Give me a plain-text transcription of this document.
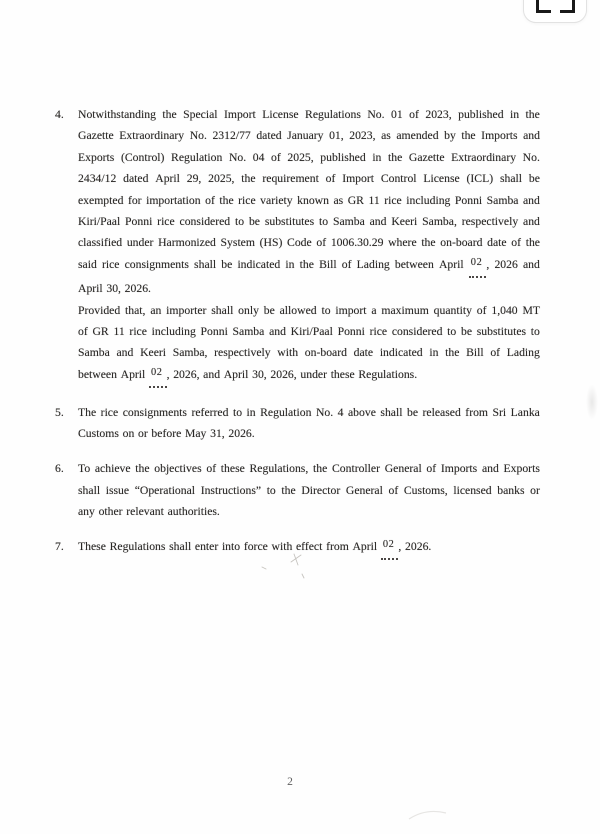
4.	Notwithstanding the Special Import License Regulations No. 01 of 2023, published in the
Gazette Extraordinary No. 2312/77 dated January 01, 2023, as amended by the Imports and
Exports (Control) Regulation No. 04 of 2025, published in the Gazette Extraordinary No.
2434/12 dated April 29, 2025, the requirement of Import Control License (ICL) shall be
exempted for importation of the rice variety known as GR 11 rice including Ponni Samba and
Kiri/Paal Ponni rice considered to be substitutes to Samba and Keeri Samba, respectively and
classified under Harmonized System (HS) Code of 1006.30.29 where the on-board date of the
said rice consignments shall be indicated in the Bill of Lading between April 02 , 2026 and
April 30, 2026.
Provided that, an importer shall only be allowed to import a maximum quantity of 1,040 MT
of GR 11 rice including Ponni Samba and Kiri/Paal Ponni rice considered to be substitutes to
Samba and Keeri Samba, respectively with on-board date indicated in the Bill of Lading
between April 02 , 2026, and April 30, 2026, under these Regulations.
5.	The rice consignments referred to in Regulation No. 4 above shall be released from Sri Lanka
Customs on or before May 31, 2026.
6.	To achieve the objectives of these Regulations, the Controller General of Imports and Exports
shall issue “Operational Instructions” to the Director General of Customs, licensed banks or
any other relevant authorities.
7.	These Regulations shall enter into force with effect from April 02 , 2026.
2
